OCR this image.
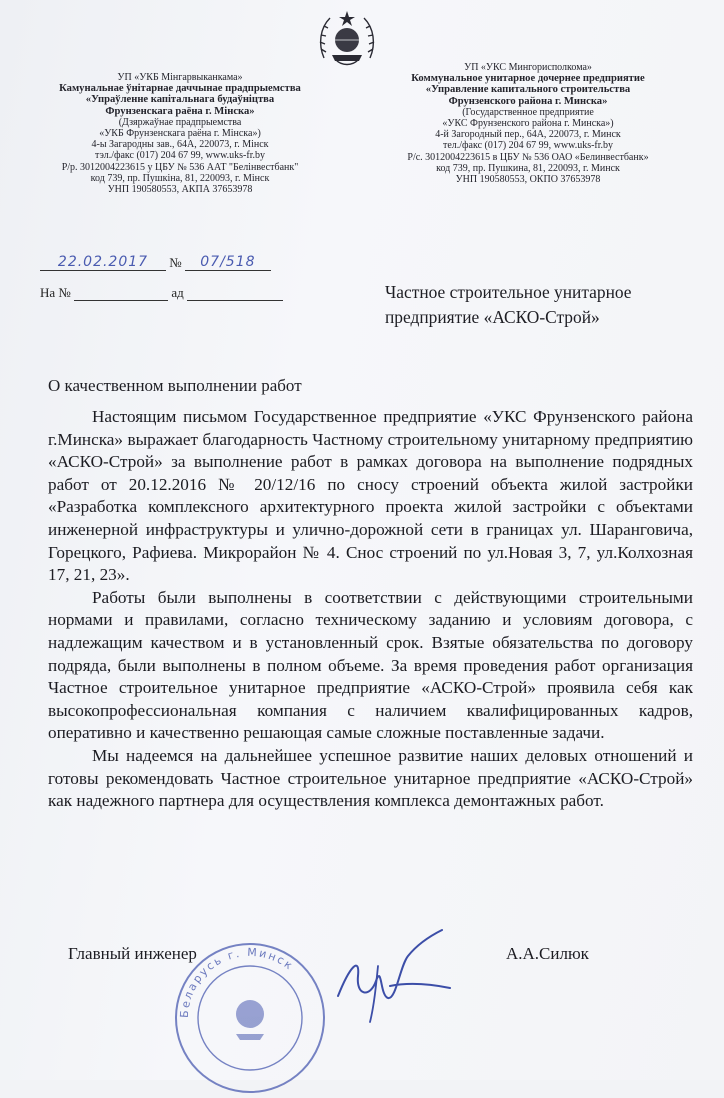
УП «УКБ Мінгарвыканкама»
Камунальнае ўнітарнае даччынае прадпрыемства
«Упраўленне капітальнага будаўніцтва
Фрунзенскага раёна г. Мінска»
(Дзяржаўнае прадпрыемства
«УКБ Фрунзенскага раёна г. Мінска»)
4-ы Загародны зав., 64А, 220073, г. Мінск
тэл./факс (017) 204 67 99, www.uks-fr.by
Р/р. 3012004223615 у ЦБУ № 536 ААТ "Белінвестбанк"
код 739, пр. Пушкіна, 81, 220093, г. Мінск
УНП 190580553, АКПА 37653978
УП «УКС Мингорисполкома»
Коммунальное унитарное дочернее предприятие
«Управление капитального строительства
Фрунзенского района г. Минска»
(Государственное предприятие
«УКС Фрунзенского района г. Минска»)
4-й Загородный пер., 64А, 220073, г. Минск
тел./факс (017) 204 67 99, www.uks-fr.by
Р/с. 3012004223615 в ЦБУ № 536 ОАО «Белинвестбанк»
код 739, пр. Пушкина, 81, 220093, г. Минск
УНП 190580553, ОКПО 37653978
22.02.2017 № 07/518
На №	ад	Частное строительное унитарное
предприятие «АСКО-Строй»
О качественном выполнении работ

Настоящим письмом Государственное предприятие «УКС Фрунзенского района г.Минска» выражает благодарность Частному строительному унитарному предприятию «АСКО-Строй» за выполнение работ в рамках договора на выполнение подрядных работ от 20.12.2016 № 20/12/16 по сносу строений объекта жилой застройки «Разработка комплексного архитектурного проекта жилой застройки с объектами инженерной инфраструктуры и улично-дорожной сети в границах ул. Шаранговича, Горецкого, Рафиева. Микрорайон № 4. Снос строений по ул.Новая 3, 7, ул.Колхозная 17, 21, 23».

Работы были выполнены в соответствии с действующими строительными нормами и правилами, согласно техническому заданию и условиям договора, с надлежащим качеством и в установленный срок. Взятые обязательства по договору подряда, были выполнены в полном объеме. За время проведения работ организация Частное строительное унитарное предприятие «АСКО-Строй» проявила себя как высокопрофессиональная компания с наличием квалифицированных кадров, оперативно и качественно решающая самые сложные поставленные задачи.

Мы надеемся на дальнейшее успешное развитие наших деловых отношений и готовы рекомендовать Частное строительное унитарное предприятие «АСКО-Строй» как надежного партнера для осуществления комплекса демонтажных работ.

Беларусь г. Минск
Главный инженер	А.А.Силюк
